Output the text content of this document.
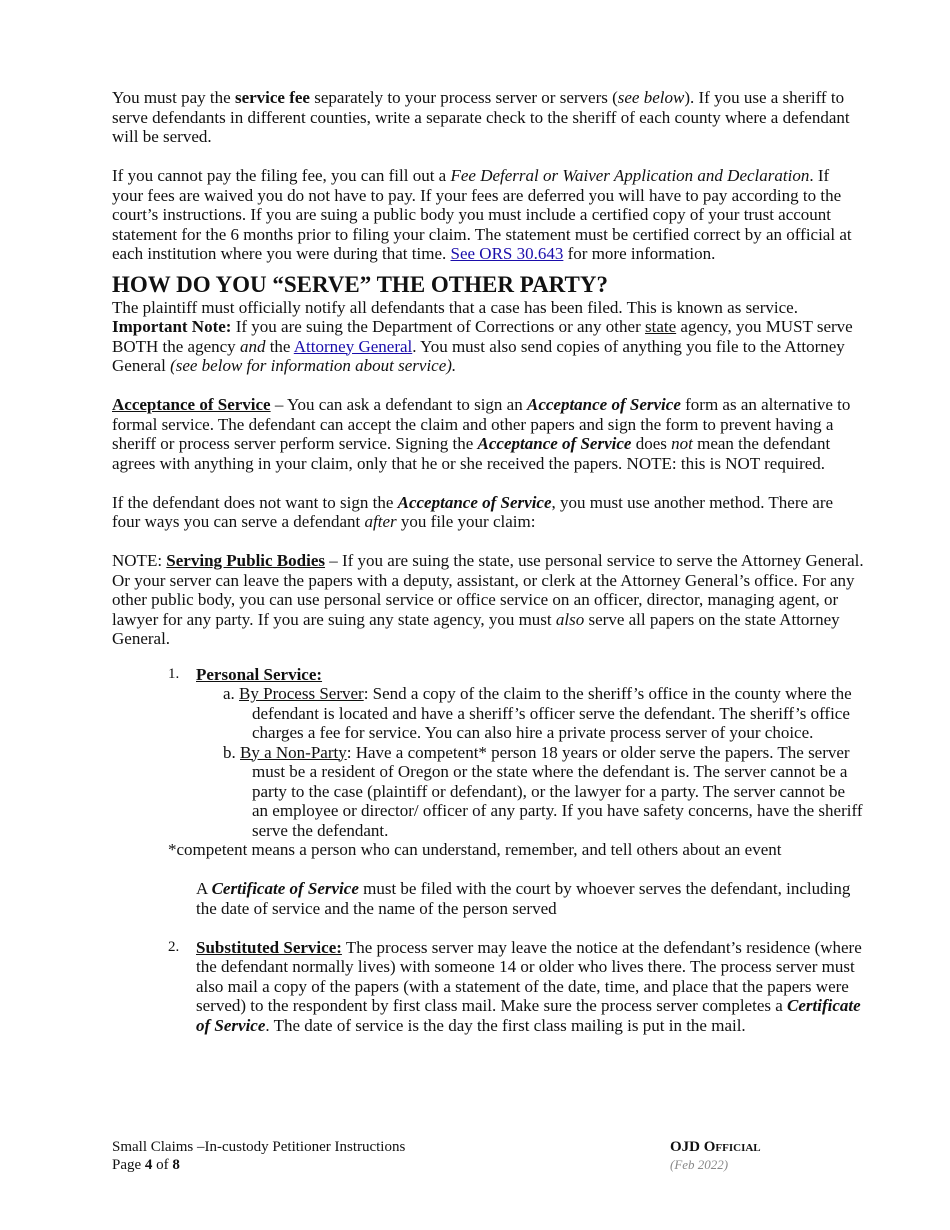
You must pay the service fee separately to your process server or servers (see below). If you use a sheriff to serve defendants in different counties, write a separate check to the sheriff of each county where a defendant will be served.

If you cannot pay the filing fee, you can fill out a Fee Deferral or Waiver Application and Declaration. If your fees are waived you do not have to pay. If your fees are deferred you will have to pay according to the court’s instructions. If you are suing a public body you must include a certified copy of your trust account statement for the 6 months prior to filing your claim. The statement must be certified correct by an official at each institution where you were during that time. See ORS 30.643 for more information.

HOW DO YOU “SERVE” THE OTHER PARTY?

The plaintiff must officially notify all defendants that a case has been filed. This is known as service. Important Note: If you are suing the Department of Corrections or any other state agency, you MUST serve BOTH the agency and the Attorney General. You must also send copies of anything you file to the Attorney General (see below for information about service).

Acceptance of Service – You can ask a defendant to sign an Acceptance of Service form as an alternative to formal service. The defendant can accept the claim and other papers and sign the form to prevent having a sheriff or process server perform service. Signing the Acceptance of Service does not mean the defendant agrees with anything in your claim, only that he or she received the papers. NOTE: this is NOT required.

If the defendant does not want to sign the Acceptance of Service, you must use another method. There are four ways you can serve a defendant after you file your claim:

NOTE: Serving Public Bodies – If you are suing the state, use personal service to serve the Attorney General. Or your server can leave the papers with a deputy, assistant, or clerk at the Attorney General’s office. For any other public body, you can use personal service or office service on an officer, director, managing agent, or lawyer for any party. If you are suing any state agency, you must also serve all papers on the state Attorney General.

1. Personal Service:

a. By Process Server: Send a copy of the claim to the sheriff’s office in the county where the defendant is located and have a sheriff’s officer serve the defendant. The sheriff’s office charges a fee for service. You can also hire a private process server of your choice.

b. By a Non-Party: Have a competent* person 18 years or older serve the papers. The server must be a resident of Oregon or the state where the defendant is. The server cannot be a party to the case (plaintiff or defendant), or the lawyer for a party. The server cannot be an employee or director/ officer of any party. If you have safety concerns, have the sheriff serve the defendant.

*competent means a person who can understand, remember, and tell others about an event

A Certificate of Service must be filed with the court by whoever serves the defendant, including the date of service and the name of the person served

2. Substituted Service: The process server may leave the notice at the defendant’s residence (where the defendant normally lives) with someone 14 or older who lives there. The process server must also mail a copy of the papers (with a statement of the date, time, and place that the papers were served) to the respondent by first class mail. Make sure the process server completes a Certificate of Service. The date of service is the day the first class mailing is put in the mail.
Small Claims –In-custody Petitioner Instructions
Page 4 of 8
OJD Official
(Feb 2022)
